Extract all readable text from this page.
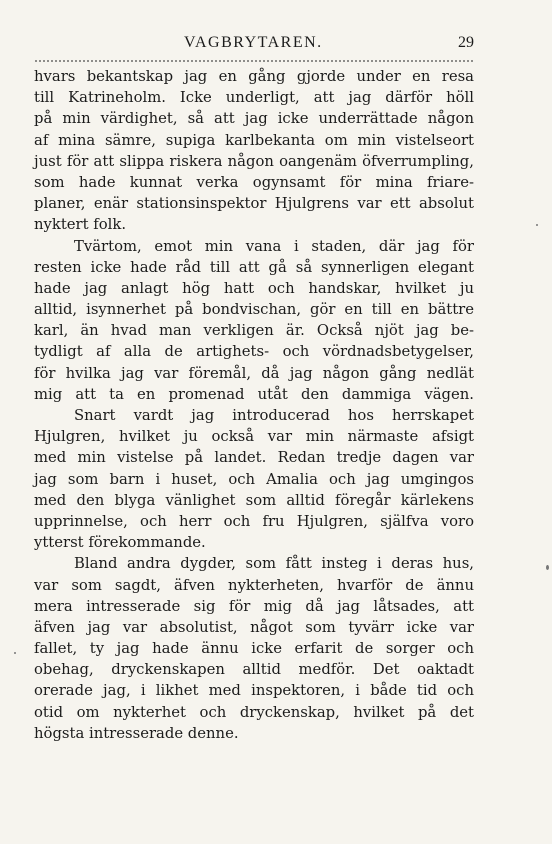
VAGBRYTAREN.	29
hvars bekantskap jag en gång gjorde under en resa
till Katrineholm. Icke underligt, att jag därför höll
på min värdighet, så att jag icke underrättade någon
af mina sämre, supiga karlbekanta om min vistelseort
just för att slippa riskera någon oangenäm öfverrumpling,
som hade kunnat verka ogynsamt för mina friare-
planer, enär stationsinspektor Hjulgrens var ett absolut
nyktert folk.
Tvärtom, emot min vana i staden, där jag för
resten icke hade råd till att gå så synnerligen elegant
hade jag anlagt hög hatt och handskar, hvilket ju
alltid, isynnerhet på bondvischan, gör en till en bättre
karl, än hvad man verkligen är. Också njöt jag be-
tydligt af alla de artighets- och vördnadsbetygelser,
för hvilka jag var föremål, då jag någon gång nedlät
mig att ta en promenad utåt den dammiga vägen.
Snart vardt jag introducerad hos herrskapet
Hjulgren, hvilket ju också var min närmaste afsigt
med min vistelse på landet. Redan tredje dagen var
jag som barn i huset, och Amalia och jag umgingos
med den blyga vänlighet som alltid föregår kärlekens
upprinnelse, och herr och fru Hjulgren, själfva voro
ytterst förekommande.
Bland andra dygder, som fått insteg i deras hus,
var som sagdt, äfven nykterheten, hvarför de ännu
mera intresserade sig för mig då jag låtsades, att
äfven jag var absolutist, något som tyvärr icke var
fallet, ty jag hade ännu icke erfarit de sorger och
obehag, dryckenskapen alltid medför. Det oaktadt
orerade jag, i likhet med inspektoren, i både tid och
otid om nykterhet och dryckenskap, hvilket på det
högsta intresserade denne.
